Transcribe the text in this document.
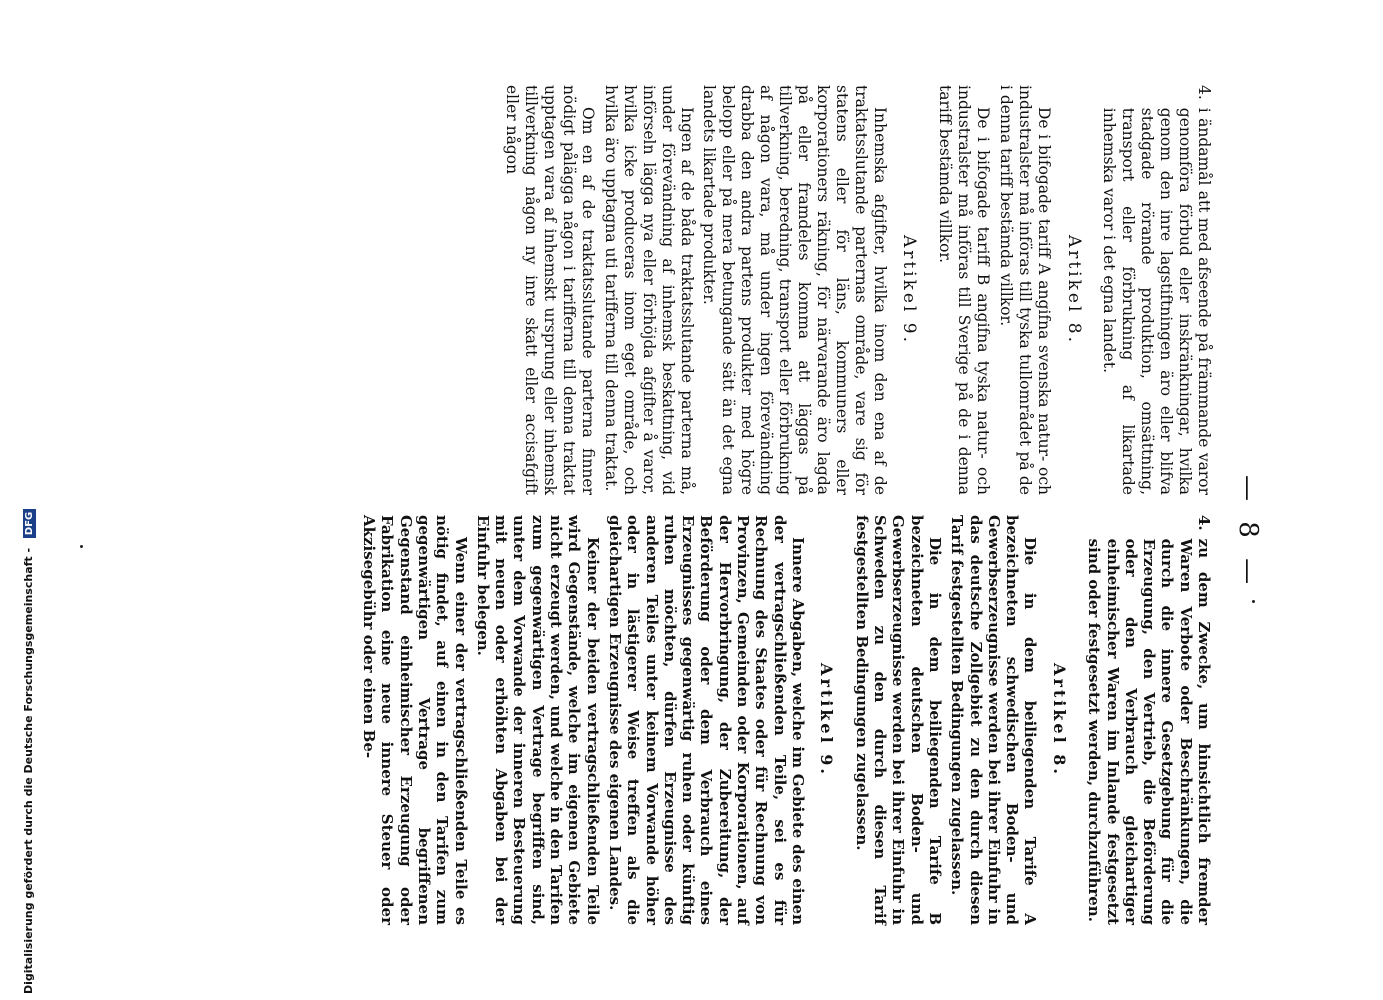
— 8 —
4.
i ändamål att med afseende på främmande varor genomföra förbud eller inskränkningar, hvilka genom den inre lagstiftningen äro eller blifva stadgade rörande produktion, omsättning, transport eller förbrukning af likartade inhemska varor i det egna landet.
Artikel 8.

De i bifogade tariff A angifna svenska natur- och industralster må införas till tyska tullområdet på de i denna tariff bestämda villkor.

De i bifogade tariff B angifna tyska natur- och industralster må införas till Sverige på de i denna tariff bestämda villkor.

Artikel 9.

Inhemska afgifter, hvilka inom den ena af de traktatsslutande parternas område, vare sig för statens eller för läns, kommuners eller korporationers räkning, för närvarande äro lagda på eller framdeles komma att läggas på tillverkning, beredning, transport eller förbrukning af någon vara, må under ingen förevändning drabba den andra partens produkter med högre belopp eller på mera betungande sätt än det egna landets likartade produkter.

Ingen af de båda traktatsslutande parterna må, under förevändning af inhemsk beskattning, vid införseln lägga nya eller förhöjda afgifter å varor, hvilka icke produceras inom eget område, och hvilka äro upptagna uti tarifferna till denna traktat.

Om en af de traktatsslutande parterna finner nödigt pålägga någon i tarifferna till denna traktat upptagen vara af inhemskt ursprung eller inhemsk tillverkning någon ny inre skatt eller accisafgift eller någon

4.
zu dem Zwecke, um hinsichtlich fremder Waren Verbote oder Beschränkungen, die durch die innere Gesetzgebung für die Erzeugung, den Vertrieb, die Beförderung oder den Verbrauch gleichartiger einheimischer Waren im Inlande festgesetzt sind oder festgesetzt werden, durchzuführen.
Artikel 8.

Die in dem beiliegenden Tarife A bezeichneten schwedischen Boden- und Gewerbserzeugnisse werden bei ihrer Einfuhr in das deutsche Zollgebiet zu den durch diesen Tarif festgestellten Bedingungen zugelassen.

Die in dem beiliegenden Tarife B bezeichneten deutschen Boden- und Gewerbserzeugnisse werden bei ihrer Einfuhr in Schweden zu den durch diesen Tarif festgestellten Bedingungen zugelassen.

Artikel 9.

Innere Abgaben, welche im Gebiete des einen der vertragschließenden Teile, sei es für Rechnung des Staates oder für Rechnung von Provinzen, Gemeinden oder Korporationen, auf der Hervorbringung, der Zubereitung, der Beförderung oder dem Verbrauch eines Erzeugnisses gegenwärtig ruhen oder künftig ruhen möchten, dürfen Erzeugnisse des anderen Teiles unter keinem Vorwande höher oder in lästigerer Weise treffen als die gleichartigen Erzeugnisse des eigenen Landes.

Keiner der beiden vertragschließenden Teile wird Gegenstände, welche im eigenen Gebiete nicht erzeugt werden, und welche in den Tarifen zum gegenwärtigen Vertrage begriffen sind, unter dem Vorwande der inneren Besteuerung mit neuen oder erhöhten Abgaben bei der Einfuhr belegen.

Wenn einer der vertragschließenden Teile es nötig findet, auf einen in den Tarifen zum gegenwärtigen Vertrage begriffenen Gegenstand einheimischer Erzeugung oder Fabrikation eine neue innere Steuer oder Akzisegebühr oder einen Be-

Digitalisierung gefördert durch die Deutsche Forschungsgemeinschaft - DFG
